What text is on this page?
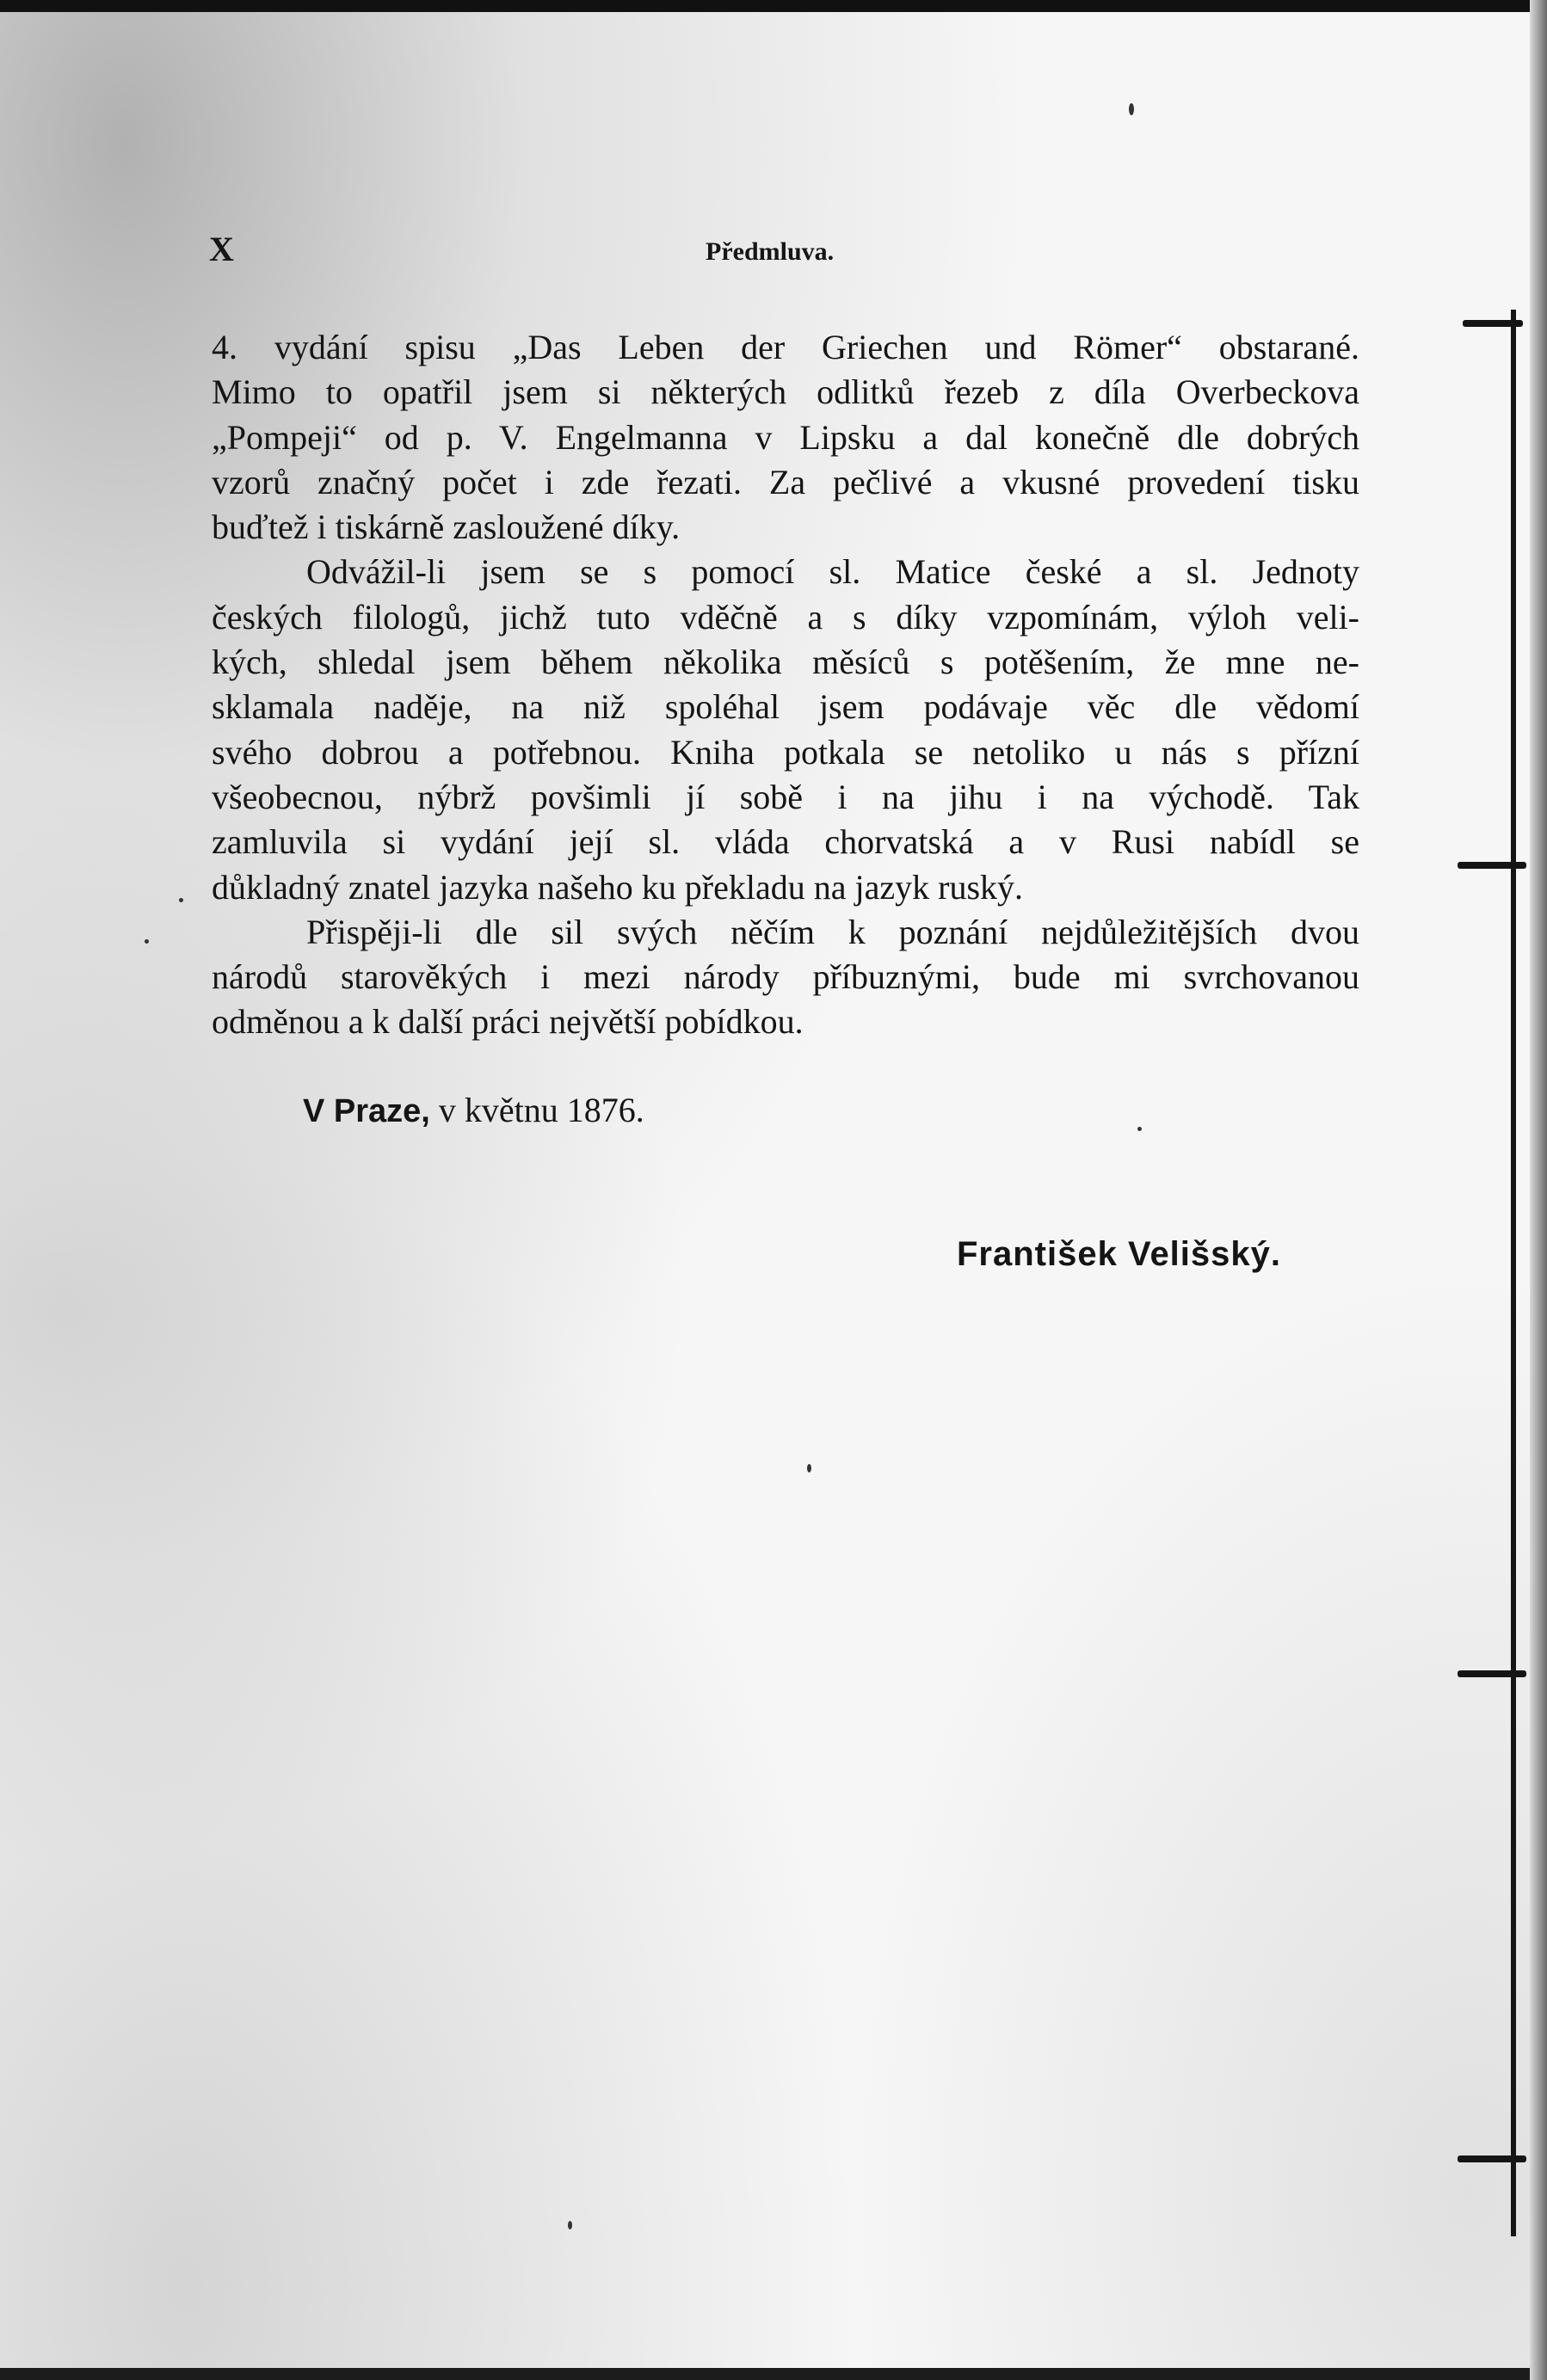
X	Předmluva.
4. vydání spisu „Das Leben der Griechen und Römer“ obstarané.
Mimo to opatřil jsem si některých odlitků řezeb z díla Overbeckova
„Pompeji“ od p. V. Engelmanna v Lipsku a dal konečně dle dobrých
vzorů značný počet i zde řezati. Za pečlivé a vkusné provedení tisku
buďtež i tiskárně zasloužené díky.
Odvážil-li jsem se s pomocí sl. Matice české a sl. Jednoty
českých filologů, jichž tuto vděčně a s díky vzpomínám, výloh veli-
kých, shledal jsem během několika měsíců s potěšením, že mne ne-
sklamala naděje, na niž spoléhal jsem podávaje věc dle vědomí
svého dobrou a potřebnou. Kniha potkala se netoliko u nás s přízní
všeobecnou, nýbrž povšimli jí sobě i na jihu i na východě. Tak
zamluvila si vydání její sl. vláda chorvatská a v Rusi nabídl se
důkladný znatel jazyka našeho ku překladu na jazyk ruský.
Přispěji-li dle sil svých něčím k poznání nejdůležitějších dvou
národů starověkých i mezi národy příbuznými, bude mi svrchovanou
odměnou a k další práci největší pobídkou.
V Praze, v květnu 1876.
František Velišský.
